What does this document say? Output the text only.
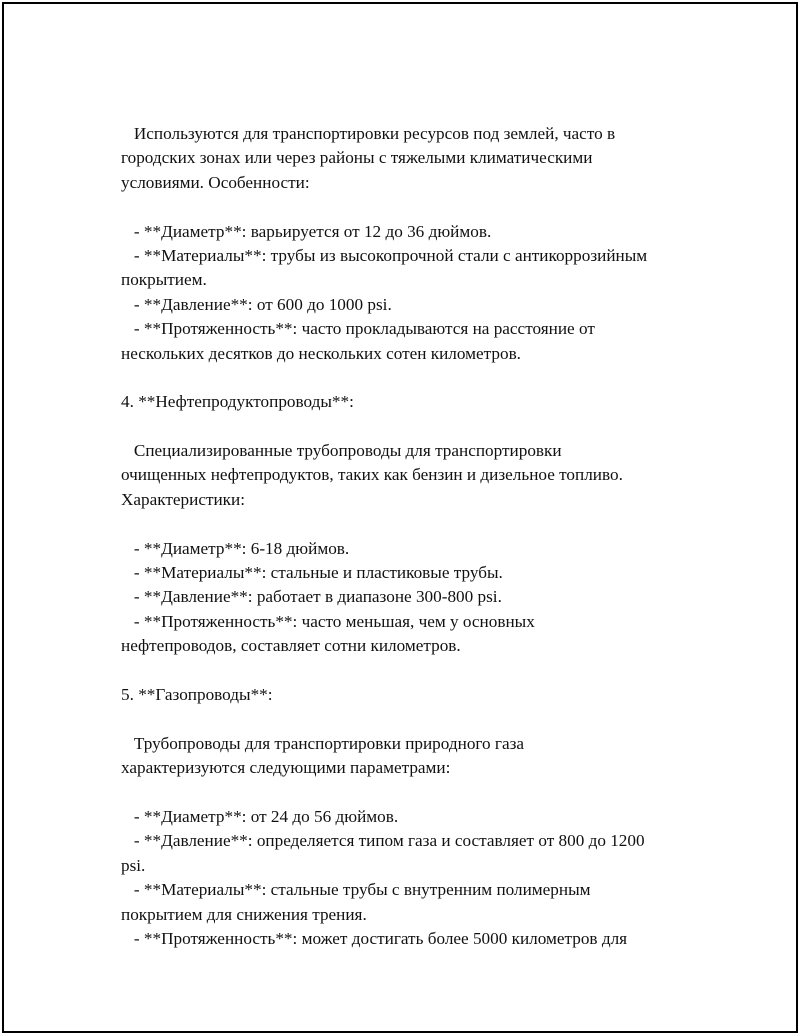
Используются для транспортировки ресурсов под землей, часто в
городских зонах или через районы с тяжелыми климатическими
условиями. Особенности:
- **Диаметр**: варьируется от 12 до 36 дюймов.
- **Материалы**: трубы из высокопрочной стали с антикоррозийным
покрытием.
- **Давление**: от 600 до 1000 psi.
- **Протяженность**: часто прокладываются на расстояние от
нескольких десятков до нескольких сотен километров.
4. **Нефтепродуктопроводы**:
Специализированные трубопроводы для транспортировки
очищенных нефтепродуктов, таких как бензин и дизельное топливо.
Характеристики:
- **Диаметр**: 6-18 дюймов.
- **Материалы**: стальные и пластиковые трубы.
- **Давление**: работает в диапазоне 300-800 psi.
- **Протяженность**: часто меньшая, чем у основных
нефтепроводов, составляет сотни километров.
5. **Газопроводы**:
Трубопроводы для транспортировки природного газа
характеризуются следующими параметрами:
- **Диаметр**: от 24 до 56 дюймов.
- **Давление**: определяется типом газа и составляет от 800 до 1200
psi.
- **Материалы**: стальные трубы с внутренним полимерным
покрытием для снижения трения.
- **Протяженность**: может достигать более 5000 километров для
